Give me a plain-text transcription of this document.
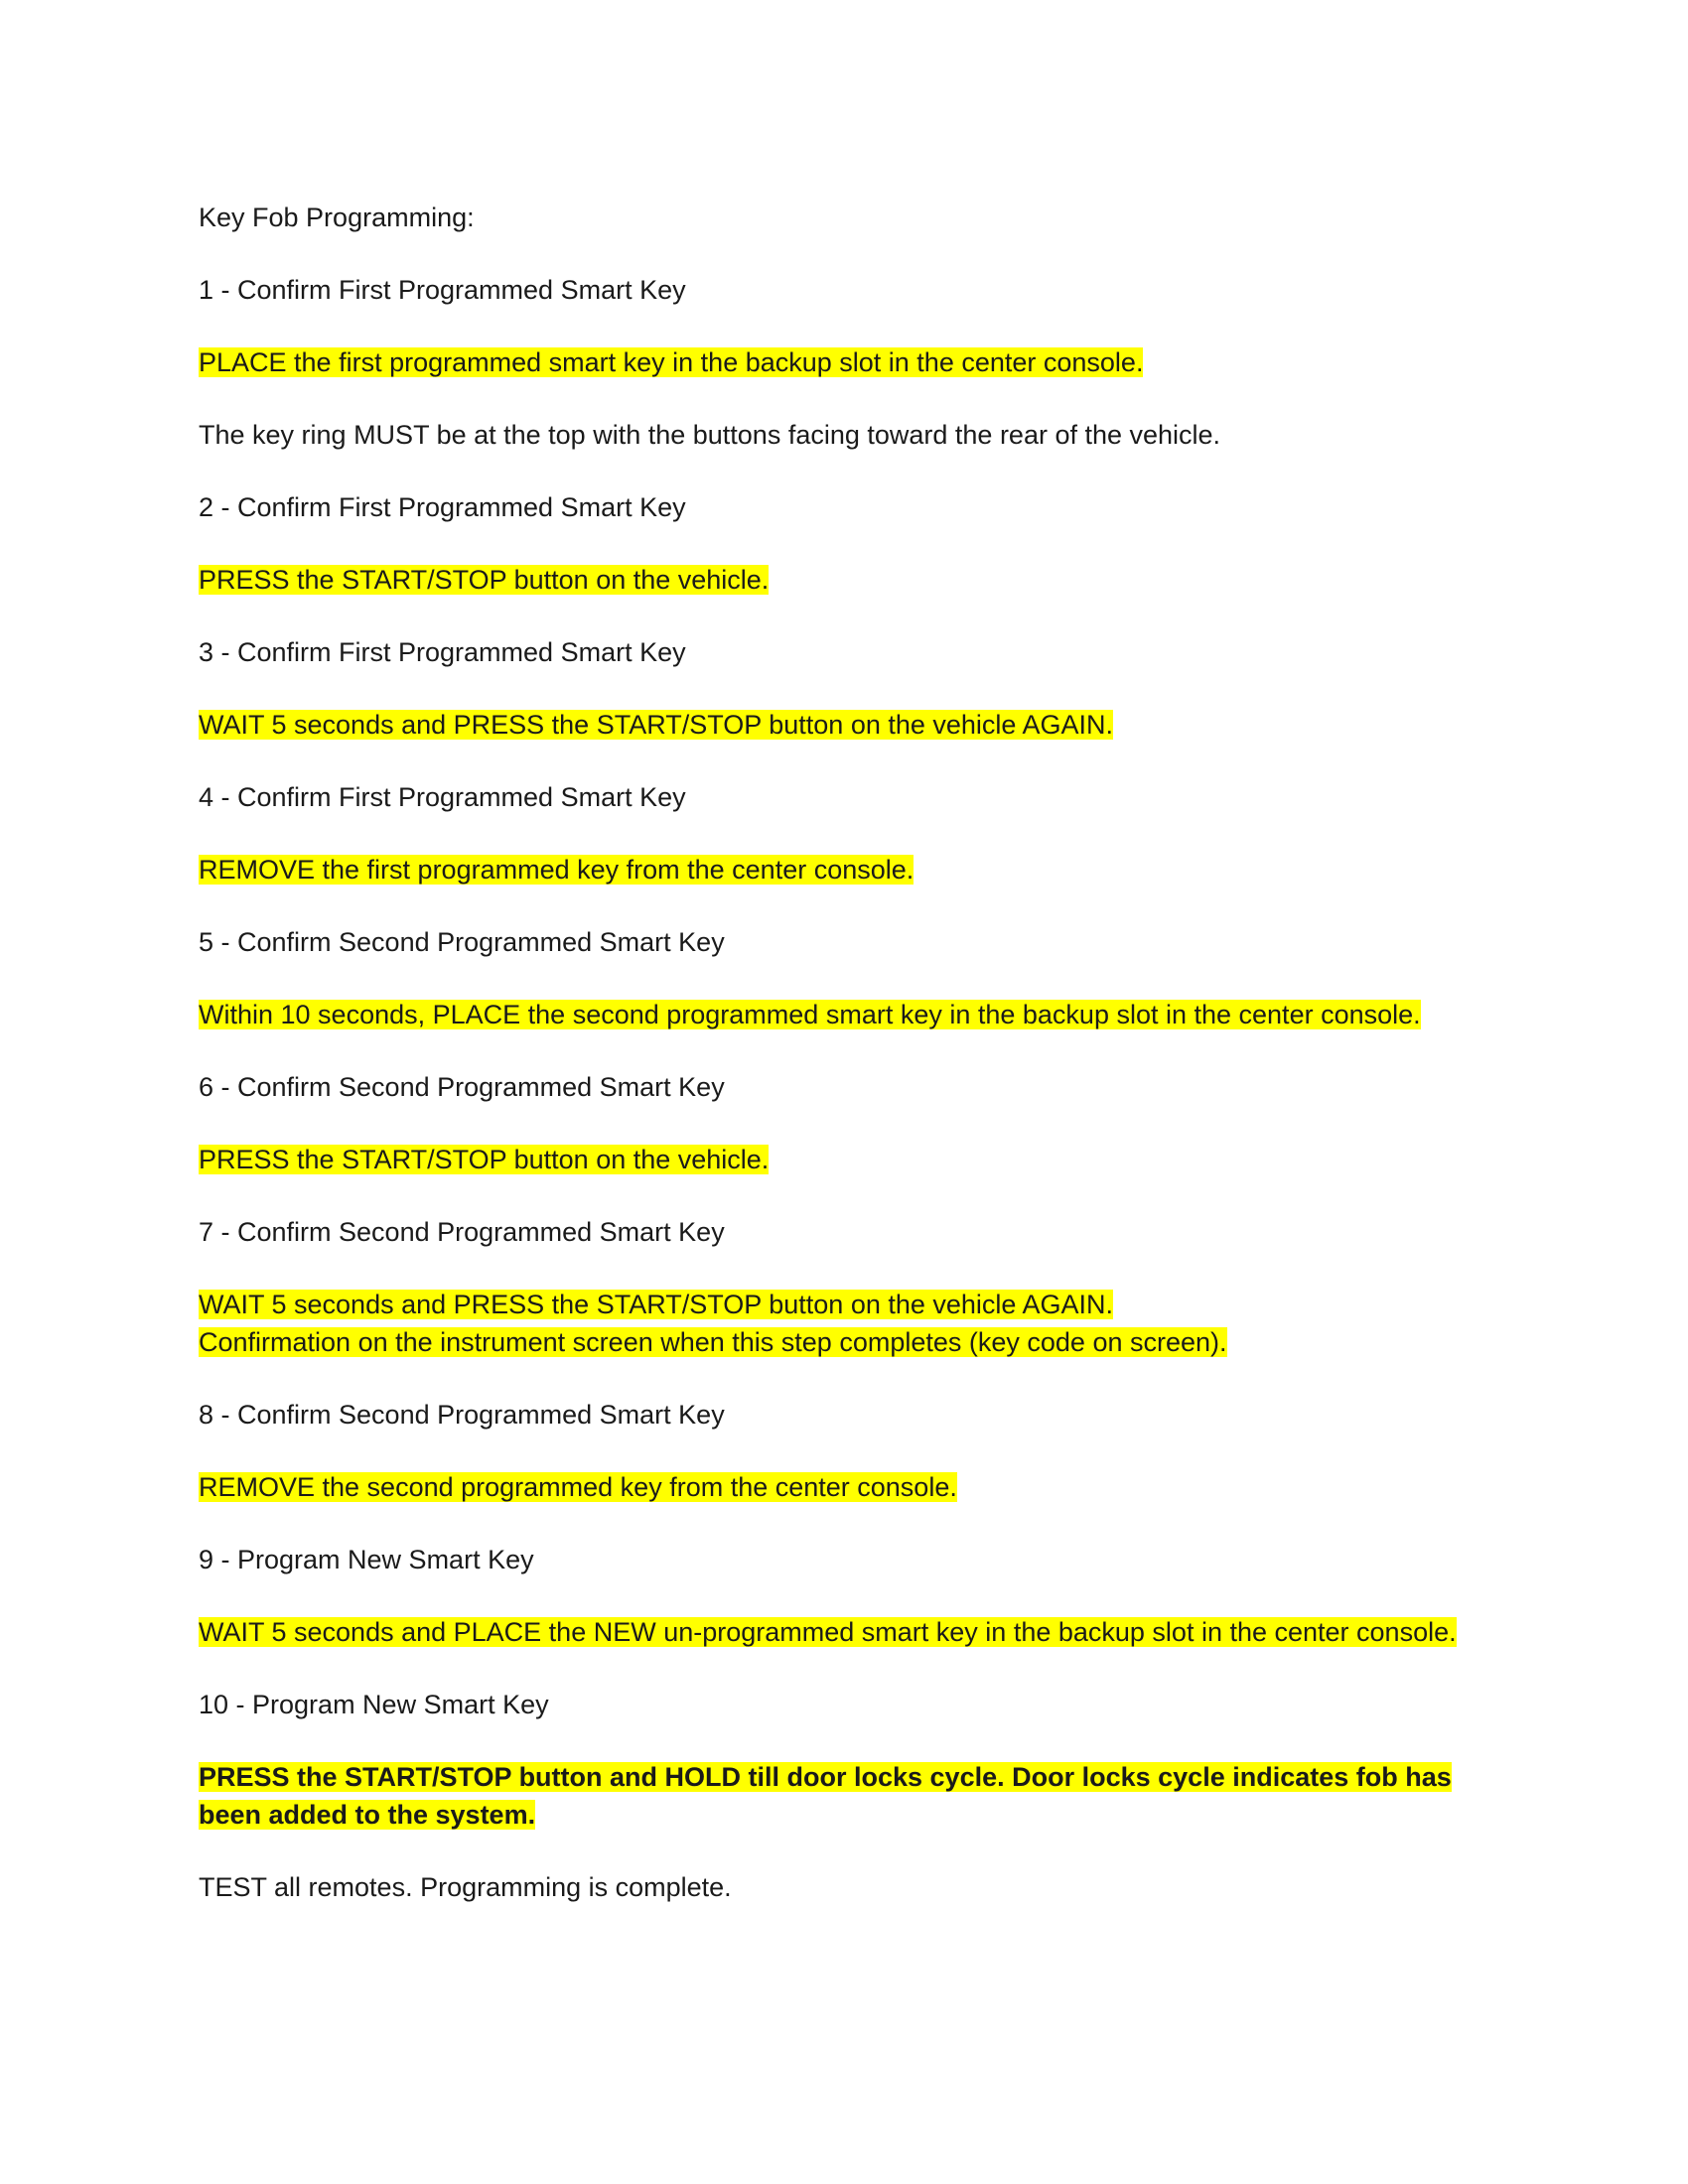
Key Fob Programming:

1 - Confirm First Programmed Smart Key

PLACE the first programmed smart key in the backup slot in the center console.

The key ring MUST be at the top with the buttons facing toward the rear of the vehicle.

2 - Confirm First Programmed Smart Key

PRESS the START/STOP button on the vehicle.

3 - Confirm First Programmed Smart Key

WAIT 5 seconds and PRESS the START/STOP button on the vehicle AGAIN.

4 - Confirm First Programmed Smart Key

REMOVE the first programmed key from the center console.

5 - Confirm Second Programmed Smart Key

Within 10 seconds, PLACE the second programmed smart key in the backup slot in the center console.

6 - Confirm Second Programmed Smart Key

PRESS the START/STOP button on the vehicle.

7 - Confirm Second Programmed Smart Key

WAIT 5 seconds and PRESS the START/STOP button on the vehicle AGAIN.
Confirmation on the instrument screen when this step completes (key code on screen).

8 - Confirm Second Programmed Smart Key

REMOVE the second programmed key from the center console.

9 - Program New Smart Key

WAIT 5 seconds and PLACE the NEW un-programmed smart key in the backup slot in the center console.

10 - Program New Smart Key

PRESS the START/STOP button and HOLD till door locks cycle. Door locks cycle indicates fob has been added to the system.

TEST all remotes. Programming is complete.
